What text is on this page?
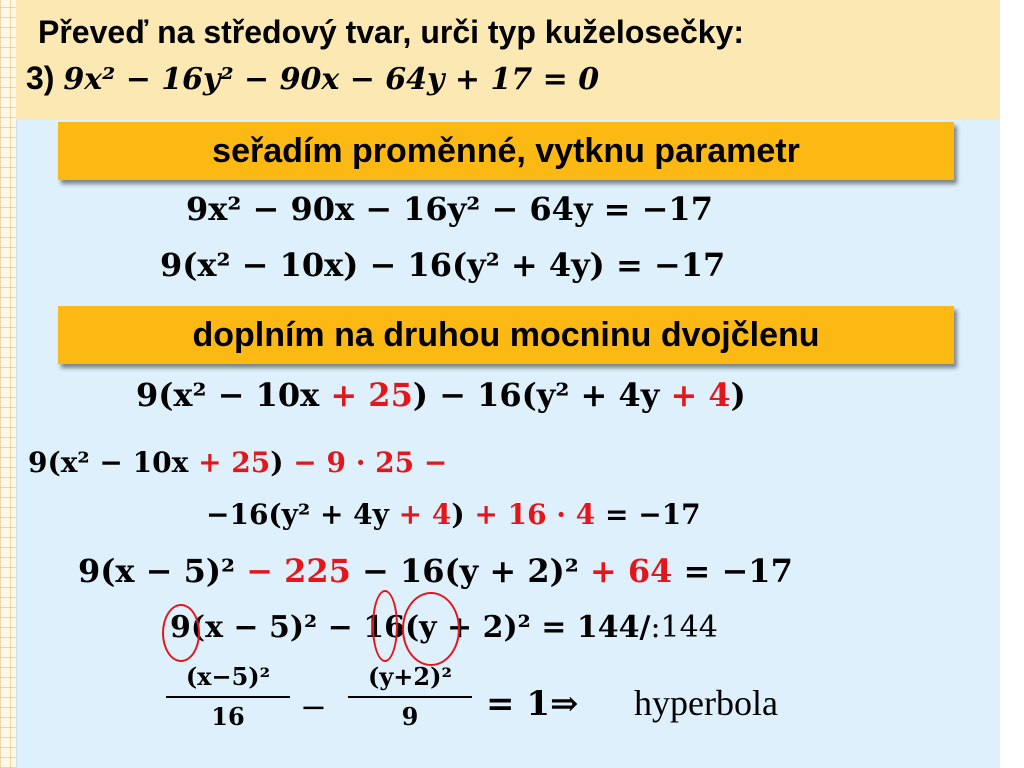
Převeď na středový tvar, urči typ kuželosečky:
3) 9x² − 16y² − 90x − 64y + 17 = 0
seřadím proměnné, vytknu parametr
9x² − 90x − 16y² − 64y = −17
9(x² − 10x) − 16(y² + 4y) = −17
doplním na druhou mocninu dvojčlenu
9(x² − 10x + 25) − 16(y² + 4y + 4)
9(x² − 10x + 25) − 9 · 25 −
−16(y² + 4y + 4) + 16 · 4 = −17
9(x − 5)² − 225 − 16(y + 2)² + 64 = −17
9(x − 5)² − 16(y + 2)² = 144/:144
(x−5)²
16	−
(y+2)²
9	= 1⇒ hyperbola
